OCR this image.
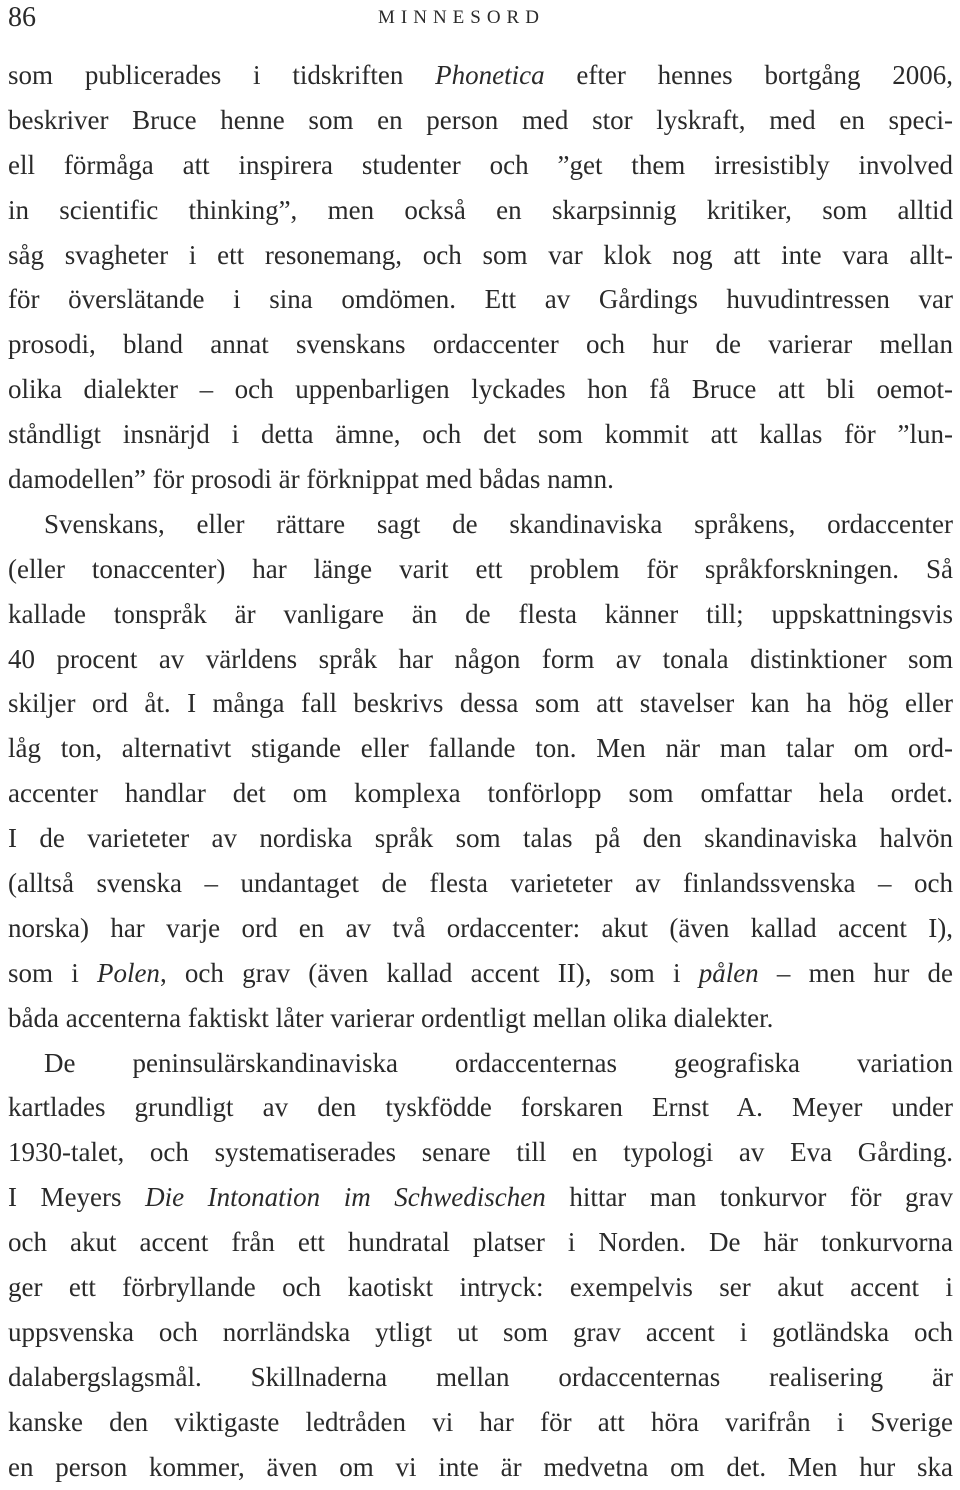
86	MINNESORD
som publicerades i tidskriften Phonetica efter hennes bortgång 2006,
beskriver Bruce henne som en person med stor lyskraft, med en speci-
ell förmåga att inspirera studenter och ”get them irresistibly involved
in scientific thinking”, men också en skarpsinnig kritiker, som alltid
såg svagheter i ett resonemang, och som var klok nog att inte vara allt-
för överslätande i sina omdömen. Ett av Gårdings huvudintressen var
prosodi, bland annat svenskans ordaccenter och hur de varierar mellan
olika dialekter – och uppenbarligen lyckades hon få Bruce att bli oemot-
ståndligt insnärjd i detta ämne, och det som kommit att kallas för ”lun-
damodellen” för prosodi är förknippat med bådas namn.
Svenskans, eller rättare sagt de skandinaviska språkens, ordaccenter
(eller tonaccenter) har länge varit ett problem för språkforskningen. Så
kallade tonspråk är vanligare än de flesta känner till; uppskattningsvis
40 procent av världens språk har någon form av tonala distinktioner som
skiljer ord åt. I många fall beskrivs dessa som att stavelser kan ha hög eller
låg ton, alternativt stigande eller fallande ton. Men när man talar om ord-
accenter handlar det om komplexa tonförlopp som omfattar hela ordet.
I de varieteter av nordiska språk som talas på den skandinaviska halvön
(alltså svenska – undantaget de flesta varieteter av finlandssvenska – och
norska) har varje ord en av två ordaccenter: akut (även kallad accent I),
som i Polen, och grav (även kallad accent II), som i pålen – men hur de
båda accenterna faktiskt låter varierar ordentligt mellan olika dialekter.
De peninsulärskandinaviska ordaccenternas geografiska variation
kartlades grundligt av den tyskfödde forskaren Ernst A. Meyer under
1930-talet, och systematiserades senare till en typologi av Eva Gårding.
I Meyers Die Intonation im Schwedischen hittar man tonkurvor för grav
och akut accent från ett hundratal platser i Norden. De här tonkurvorna
ger ett förbryllande och kaotiskt intryck: exempelvis ser akut accent i
uppsvenska och norrländska ytligt ut som grav accent i gotländska och
dalabergslagsmål. Skillnaderna mellan ordaccenternas realisering är
kanske den viktigaste ledtråden vi har för att höra varifrån i Sverige
en person kommer, även om vi inte är medvetna om det. Men hur ska
